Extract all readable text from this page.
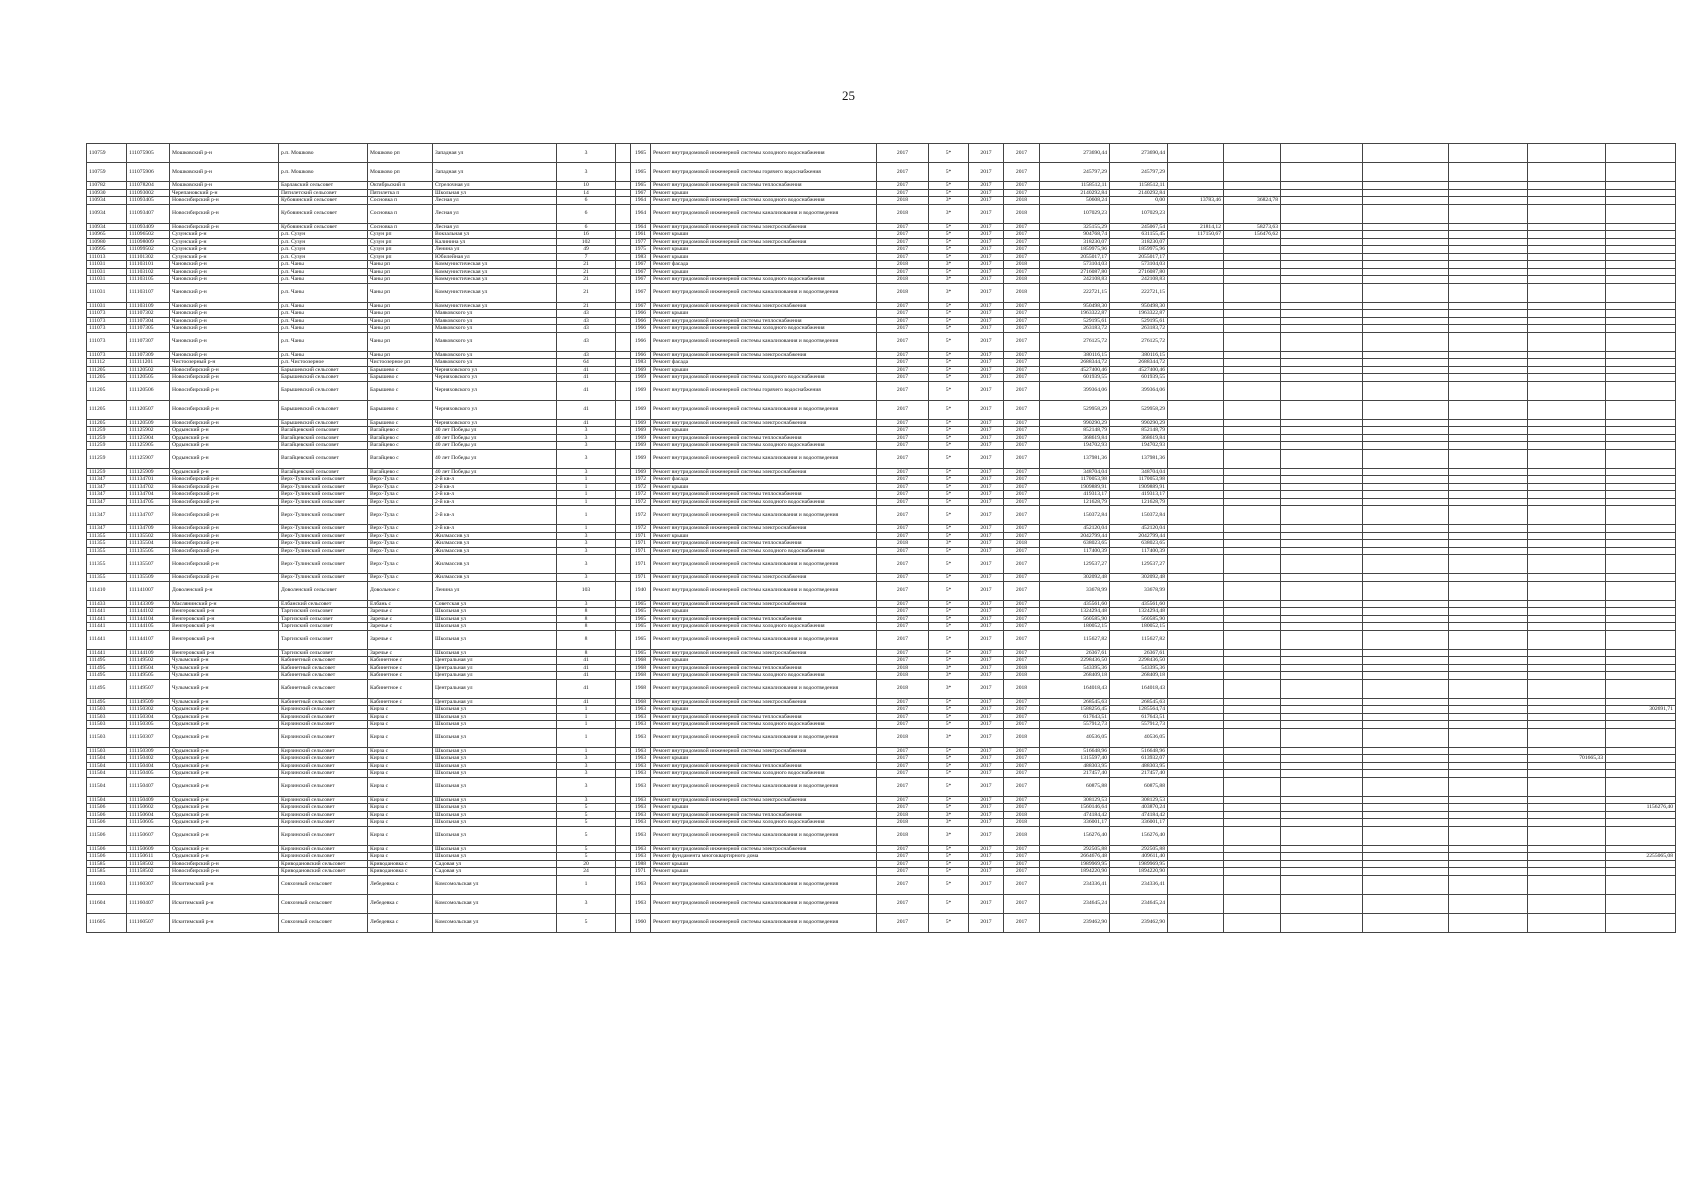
25
110759	111075905	Мошковский р-н	р.п. Мошково	Мошково рп	Западная ул	3		1965	Ремонт внутридомовой инженерной системы холодного водоснабжения	2017	5*	2017	2017	273690,44	273690,44							
110759	111075906	Мошковский р-н	р.п. Мошково	Мошково рп	Западная ул	3		1965	Ремонт внутридомовой инженерной системы горячего водоснабжения	2017	5*	2017	2017	245797,29	245797,29							
110782	111078204	Мошковский р-н	Барлакский сельсовет	Октябрьский п	Стрелочная ул	10		1965	Ремонт внутридомовой инженерной системы теплоснабжения	2017	5*	2017	2017	1158512,11	1158512,11							
110930	111093002	Черепановский р-н	Пятилетский сельсовет	Пятилетка п	Школьная ул	14		1967	Ремонт крыши	2017	5*	2017	2017	2140292,84	2140292,84							
110934	111093405	Новосибирский р-н	Кубовинский сельсовет	Сосновка п	Лесная ул	6		1964	Ремонт внутридомовой инженерной системы холодного водоснабжения	2018	3*	2017	2018	50608,24	0,00	13783,46	36824,78					
110934	111093407	Новосибирский р-н	Кубовинский сельсовет	Сосновка п	Лесная ул	6		1964	Ремонт внутридомовой инженерной системы канализования и водоотведения	2018	3*	2017	2018	107029,23	107029,23							
110934	111093409	Новосибирский р-н	Кубовинский сельсовет	Сосновка п	Лесная ул	6		1964	Ремонт внутридомовой инженерной системы электроснабжения	2017	5*	2017	2017	325155,29	245067,54	21814,12	58273,63					
110965	111096502	Сузунский р-н	р.п. Сузун	Сузун рп	Вокзальная ул	16		1961	Ремонт крыши	2017	5*	2017	2017	904768,74	631155,45	117150,67	156476,62					
110980	111098009	Сузунский р-н	р.п. Сузун	Сузун рп	Калинина ул	102		1977	Ремонт внутридомовой инженерной системы электроснабжения	2017	5*	2017	2017	318230,07	318230,07							
110995	111099502	Сузунский р-н	р.п. Сузун	Сузун рп	Ленина ул	49		1975	Ремонт крыши	2017	5*	2017	2017	1859975,96	1859975,96							
111013	111101302	Сузунский р-н	р.п. Сузун	Сузун рп	Юбилейная ул	7		1983	Ремонт крыши	2017	5*	2017	2017	2055017,17	2055017,17							
111031	111103101	Чановский р-н	р.п. Чаны	Чаны рп	Коммунистическая ул	21		1967	Ремонт фасада	2018	3*	2017	2018	573104,03	573104,03							
111031	111103102	Чановский р-н	р.п. Чаны	Чаны рп	Коммунистическая ул	21		1967	Ремонт крыши	2017	5*	2017	2017	2716087,80	2716087,80							
111031	111103105	Чановский р-н	р.п. Чаны	Чаны рп	Коммунистическая ул	21		1967	Ремонт внутридомовой инженерной системы холодного водоснабжения	2018	3*	2017	2018	242108,83	242108,83							
111031	111103107	Чановский р-н	р.п. Чаны	Чаны рп	Коммунистическая ул	21		1967	Ремонт внутридомовой инженерной системы канализования и водоотведения	2018	3*	2017	2018	222721,15	222721,15							
111031	111103109	Чановский р-н	р.п. Чаны	Чаны рп	Коммунистическая ул	21		1967	Ремонт внутридомовой инженерной системы электроснабжения	2017	5*	2017	2017	950498,30	950498,30							
111073	111107302	Чановский р-н	р.п. Чаны	Чаны рп	Маяковского ул	43		1966	Ремонт крыши	2017	5*	2017	2017	1963322,87	1963322,87							
111073	111107304	Чановский р-н	р.п. Чаны	Чаны рп	Маяковского ул	43		1966	Ремонт внутридомовой инженерной системы теплоснабжения	2017	5*	2017	2017	529195,61	529195,61							
111073	111107305	Чановский р-н	р.п. Чаны	Чаны рп	Маяковского ул	43		1966	Ремонт внутридомовой инженерной системы холодного водоснабжения	2017	5*	2017	2017	263183,72	263183,72							
111073	111107307	Чановский р-н	р.п. Чаны	Чаны рп	Маяковского ул	43		1966	Ремонт внутридомовой инженерной системы канализования и водоотведения	2017	5*	2017	2017	276125,72	276125,72							
111073	111107309	Чановский р-н	р.п. Чаны	Чаны рп	Маяковского ул	43		1966	Ремонт внутридомовой инженерной системы электроснабжения	2017	5*	2017	2017	380116,15	380116,15							
111112	111111201	Чистоозерный р-н	р.п. Чистоозерное	Чистоозерное рп	Маяковского ул	64		1983	Ремонт фасада	2017	5*	2017	2017	2688344,72	2688344,72							
111205	111120502	Новосибирский р-н	Барышевский сельсовет	Барышево с	Черняховского ул	41		1969	Ремонт крыши	2017	5*	2017	2017	4527400,46	4527400,46							
111205	111120505	Новосибирский р-н	Барышевский сельсовет	Барышево с	Черняховского ул	41		1969	Ремонт внутридомовой инженерной системы холодного водоснабжения	2017	5*	2017	2017	601939,55	601939,55							
111205	111120506	Новосибирский р-н	Барышевский сельсовет	Барышево с	Черняховского ул	41		1969	Ремонт внутридомовой инженерной системы горячего водоснабжения	2017	5*	2017	2017	399364,06	399364,06							
111205	111120507	Новосибирский р-н	Барышевский сельсовет	Барышево с	Черняховского ул	41		1969	Ремонт внутридомовой инженерной системы канализования и водоотведения	2017	5*	2017	2017	529958,29	529958,29							
111205	111120509	Новосибирский р-н	Барышевский сельсовет	Барышево с	Черняховского ул	41		1969	Ремонт внутридомовой инженерной системы электроснабжения	2017	5*	2017	2017	990290,29	990290,29							
111259	111125902	Ордынский р-н	Вагайцевский сельсовет	Вагайцево с	40 лет Победы ул	3		1969	Ремонт крыши	2017	5*	2017	2017	852148,79	852148,79							
111259	111125904	Ордынский р-н	Вагайцевский сельсовет	Вагайцево с	40 лет Победы ул	3		1969	Ремонт внутридомовой инженерной системы теплоснабжения	2017	5*	2017	2017	368619,84	368619,84							
111259	111125905	Ордынский р-н	Вагайцевский сельсовет	Вагайцево с	40 лет Победы ул	3		1969	Ремонт внутридомовой инженерной системы холодного водоснабжения	2017	5*	2017	2017	194702,93	194702,93							
111259	111125907	Ордынский р-н	Вагайцевский сельсовет	Вагайцево с	40 лет Победы ул	3		1969	Ремонт внутридомовой инженерной системы канализования и водоотведения	2017	5*	2017	2017	137981,36	137981,36							
111259	111125909	Ордынский р-н	Вагайцевский сельсовет	Вагайцево с	40 лет Победы ул	3		1969	Ремонт внутридомовой инженерной системы электроснабжения	2017	5*	2017	2017	348704,04	348704,04							
111347	111134701	Новосибирский р-н	Верх-Тулинский сельсовет	Верх-Тула с	2-й кв-л	1		1972	Ремонт фасада	2017	5*	2017	2017	1170053,98	1170053,98							
111347	111134702	Новосибирский р-н	Верх-Тулинский сельсовет	Верх-Тула с	2-й кв-л	1		1972	Ремонт крыши	2017	5*	2017	2017	1909889,91	1909889,91							
111347	111134704	Новосибирский р-н	Верх-Тулинский сельсовет	Верх-Тула с	2-й кв-л	1		1972	Ремонт внутридомовой инженерной системы теплоснабжения	2017	5*	2017	2017	419313,17	419313,17							
111347	111134705	Новосибирский р-н	Верх-Тулинский сельсовет	Верх-Тула с	2-й кв-л	1		1972	Ремонт внутридомовой инженерной системы холодного водоснабжения	2017	5*	2017	2017	121628,79	121628,79							
111347	111134707	Новосибирский р-н	Верх-Тулинский сельсовет	Верх-Тула с	2-й кв-л	1		1972	Ремонт внутридомовой инженерной системы канализования и водоотведения	2017	5*	2017	2017	150372,84	150372,84							
111347	111134709	Новосибирский р-н	Верх-Тулинский сельсовет	Верх-Тула с	2-й кв-л	1		1972	Ремонт внутридомовой инженерной системы электроснабжения	2017	5*	2017	2017	452120,04	452120,04							
111355	111135502	Новосибирский р-н	Верх-Тулинский сельсовет	Верх-Тула с	Жилмассив ул	3		1971	Ремонт крыши	2017	5*	2017	2017	2042799,44	2042799,44							
111355	111135504	Новосибирский р-н	Верх-Тулинский сельсовет	Верх-Тула с	Жилмассив ул	3		1971	Ремонт внутридомовой инженерной системы теплоснабжения	2018	3*	2017	2018	638023,65	638023,65							
111355	111135505	Новосибирский р-н	Верх-Тулинский сельсовет	Верх-Тула с	Жилмассив ул	3		1971	Ремонт внутридомовой инженерной системы холодного водоснабжения	2017	5*	2017	2017	117400,39	117400,39							
111355	111135507	Новосибирский р-н	Верх-Тулинский сельсовет	Верх-Тула с	Жилмассив ул	3		1971	Ремонт внутридомовой инженерной системы канализования и водоотведения	2017	5*	2017	2017	129537,27	129537,27							
111355	111135509	Новосибирский р-н	Верх-Тулинский сельсовет	Верх-Тула с	Жилмассив ул	3		1971	Ремонт внутридомовой инженерной системы электроснабжения	2017	5*	2017	2017	302092,48	302092,48							
111410	111141007	Доволенский р-н	Доволенский сельсовет	Довольное с	Ленина ул	103		1940	Ремонт внутридомовой инженерной системы канализования и водоотведения	2017	5*	2017	2017	33678,99	33678,99							
111433	111143309	Маслянинский р-н	Елбанский сельсовет	Елбань с	Советская ул	3		1965	Ремонт внутридомовой инженерной системы электроснабжения	2017	5*	2017	2017	435561,60	435561,60							
111441	111144102	Венгеровский р-н	Таргизский сельсовет	Заречье с	Школьная ул	8		1965	Ремонт крыши	2017	5*	2017	2017	1324294,48	1324294,48							
111441	111144104	Венгеровский р-н	Таргизский сельсовет	Заречье с	Школьная ул	8		1965	Ремонт внутридомовой инженерной системы теплоснабжения	2017	5*	2017	2017	560585,90	560585,90							
111441	111144105	Венгеровский р-н	Таргизский сельсовет	Заречье с	Школьная ул	8		1965	Ремонт внутридомовой инженерной системы холодного водоснабжения	2017	5*	2017	2017	180052,15	180052,15							
111441	111144107	Венгеровский р-н	Таргизский сельсовет	Заречье с	Школьная ул	8		1965	Ремонт внутридомовой инженерной системы канализования и водоотведения	2017	5*	2017	2017	115627,82	115627,82							
111441	111144109	Венгеровский р-н	Таргизский сельсовет	Заречье с	Школьная ул	8		1965	Ремонт внутридомовой инженерной системы электроснабжения	2017	5*	2017	2017	26367,61	26367,61							
111495	111149502	Чулымский р-н	Кабинетный сельсовет	Кабинетное с	Центральная ул	41		1968	Ремонт крыши	2017	5*	2017	2017	2298436,50	2298436,50							
111495	111149504	Чулымский р-н	Кабинетный сельсовет	Кабинетное с	Центральная ул	41		1968	Ремонт внутридомовой инженерной системы теплоснабжения	2018	3*	2017	2018	543395,36	543395,36							
111495	111149505	Чулымский р-н	Кабинетный сельсовет	Кабинетное с	Центральная ул	41		1968	Ремонт внутридомовой инженерной системы холодного водоснабжения	2018	3*	2017	2018	268409,18	268409,18							
111495	111149507	Чулымский р-н	Кабинетный сельсовет	Кабинетное с	Центральная ул	41		1968	Ремонт внутридомовой инженерной системы канализования и водоотведения	2018	3*	2017	2018	164018,43	164018,43							
111495	111149509	Чулымский р-н	Кабинетный сельсовет	Кабинетное с	Центральная ул	41		1968	Ремонт внутридомовой инженерной системы электроснабжения	2017	5*	2017	2017	268545,63	268545,63							
111503	111150302	Ордынский р-н	Кирзинский сельсовет	Кирза с	Школьная ул	1		1963	Ремонт крыши	2017	5*	2017	2017	1588256,45	1285564,74							302691,71
111503	111150304	Ордынский р-н	Кирзинский сельсовет	Кирза с	Школьная ул	1		1963	Ремонт внутридомовой инженерной системы теплоснабжения	2017	5*	2017	2017	617643,51	617643,51							
111503	111150305	Ордынский р-н	Кирзинский сельсовет	Кирза с	Школьная ул	1		1963	Ремонт внутридомовой инженерной системы холодного водоснабжения	2017	5*	2017	2017	557912,73	557912,73							
111503	111150307	Ордынский р-н	Кирзинский сельсовет	Кирза с	Школьная ул	1		1963	Ремонт внутридомовой инженерной системы канализования и водоотведения	2018	3*	2017	2018	40536,05	40536,05							
111503	111150309	Ордынский р-н	Кирзинский сельсовет	Кирза с	Школьная ул	1		1963	Ремонт внутридомовой инженерной системы электроснабжения	2017	5*	2017	2017	516648,96	516648,96							
111504	111150402	Ордынский р-н	Кирзинский сельсовет	Кирза с	Школьная ул	3		1963	Ремонт крыши	2017	5*	2017	2017	1315597,40	613932,07						701665,33	
111504	111150404	Ордынский р-н	Кирзинский сельсовет	Кирза с	Школьная ул	3		1963	Ремонт внутридомовой инженерной системы теплоснабжения	2017	5*	2017	2017	488303,95	488303,95							
111504	111150405	Ордынский р-н	Кирзинский сельсовет	Кирза с	Школьная ул	3		1963	Ремонт внутридомовой инженерной системы холодного водоснабжения	2017	5*	2017	2017	217457,40	217457,40							
111504	111150407	Ордынский р-н	Кирзинский сельсовет	Кирза с	Школьная ул	3		1963	Ремонт внутридомовой инженерной системы канализования и водоотведения	2017	5*	2017	2017	60875,88	60875,88							
111504	111150409	Ордынский р-н	Кирзинский сельсовет	Кирза с	Школьная ул	3		1963	Ремонт внутридомовой инженерной системы электроснабжения	2017	5*	2017	2017	308129,53	308129,53							
111506	111150602	Ордынский р-н	Кирзинский сельсовет	Кирза с	Школьная ул	5		1963	Ремонт крыши	2017	5*	2017	2017	1560146,64	403870,24							1156276,40
111506	111150604	Ордынский р-н	Кирзинский сельсовет	Кирза с	Школьная ул	5		1963	Ремонт внутридомовой инженерной системы теплоснабжения	2018	3*	2017	2018	474184,42	474184,42							
111506	111150605	Ордынский р-н	Кирзинский сельсовет	Кирза с	Школьная ул	5		1963	Ремонт внутридомовой инженерной системы холодного водоснабжения	2018	3*	2017	2018	336001,17	336001,17							
111506	111150607	Ордынский р-н	Кирзинский сельсовет	Кирза с	Школьная ул	5		1963	Ремонт внутридомовой инженерной системы канализования и водоотведения	2018	3*	2017	2018	156276,40	156276,40							
111506	111150609	Ордынский р-н	Кирзинский сельсовет	Кирза с	Школьная ул	5		1963	Ремонт внутридомовой инженерной системы электроснабжения	2017	5*	2017	2017	292505,88	292505,88							
111506	111150611	Ордынский р-н	Кирзинский сельсовет	Кирза с	Школьная ул	5		1963	Ремонт фундамента многоквартирного дома	2017	5*	2017	2017	2664676,48	409611,40							2255065,08
111585	111158502	Новосибирский р-н	Криводановский сельсовет	Криводановка с	Садовая ул	20		1988	Ремонт крыши	2017	5*	2017	2017	1989969,95	1989969,95							
111585	111158502	Новосибирский р-н	Криводановский сельсовет	Криводановка с	Садовая ул	24		1971	Ремонт крыши	2017	5*	2017	2017	1894220,90	1894220,90							
111603	111160307	Искитимский р-н	Совхозный сельсовет	Лебедевка с	Комсомольская ул	1		1963	Ремонт внутридомовой инженерной системы канализования и водоотведения	2017	5*	2017	2017	234336,41	234336,41							
111604	111160407	Искитимский р-н	Совхозный сельсовет	Лебедевка с	Комсомольская ул	3		1963	Ремонт внутридомовой инженерной системы канализования и водоотведения	2017	5*	2017	2017	234645,24	234645,24							
111605	111160507	Искитимский р-н	Совхозный сельсовет	Лебедевка с	Комсомольская ул	5		1960	Ремонт внутридомовой инженерной системы канализования и водоотведения	2017	5*	2017	2017	239462,90	239462,90							
